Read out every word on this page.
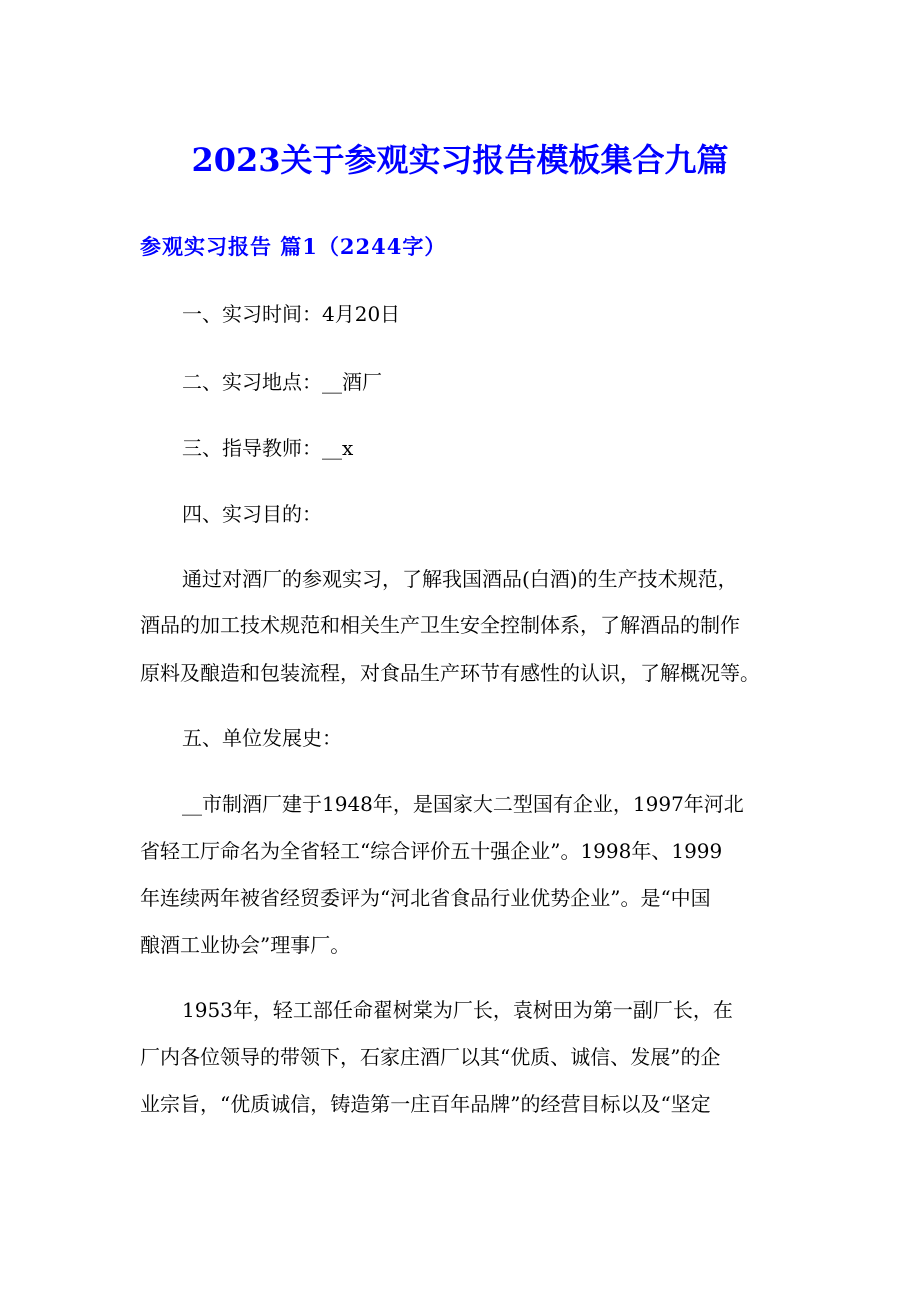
2023关于参观实习报告模板集合九篇
参观实习报告 篇1（2244字）
一、实习时间：4月20日
二、实习地点：__酒厂
三、指导教师：__x
四、实习目的：
通过对酒厂的参观实习，了解我国酒品(白酒)的生产技术规范，
酒品的加工技术规范和相关生产卫生安全控制体系，了解酒品的制作
原料及酿造和包装流程，对食品生产环节有感性的认识，了解概况等。
五、单位发展史：
__市制酒厂建于1948年，是国家大二型国有企业，1997年河北
省轻工厅命名为全省轻工“综合评价五十强企业”。1998年、1999
年连续两年被省经贸委评为“河北省食品行业优势企业”。是“中国
酿酒工业协会”理事厂。
1953年，轻工部任命翟树棠为厂长，袁树田为第一副厂长，在
厂内各位领导的带领下，石家庄酒厂以其“优质、诚信、发展”的企
业宗旨，“优质诚信，铸造第一庄百年品牌”的经营目标以及“坚定
